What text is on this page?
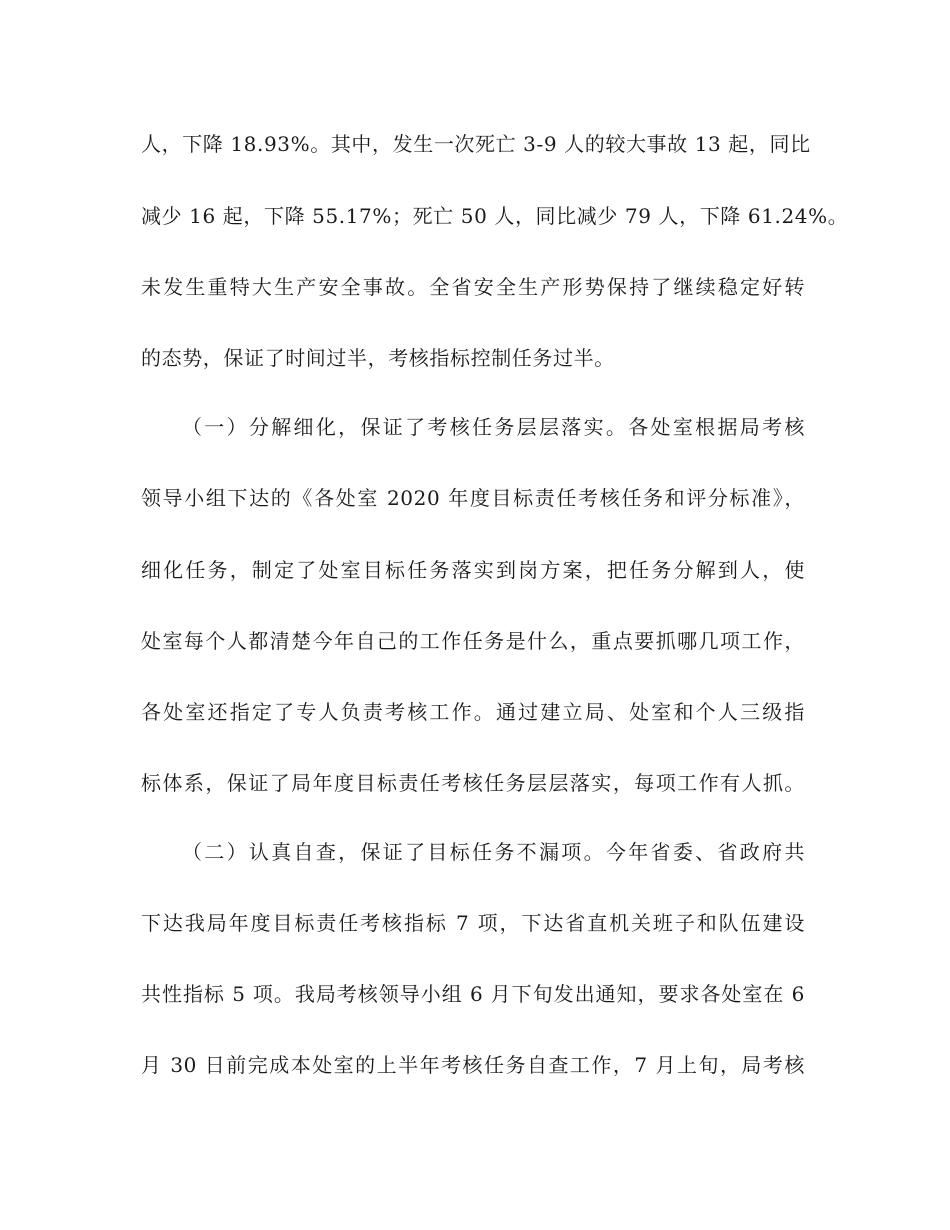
人，下降 18.93%。其中，发生一次死亡 3-9 人的较大事故 13 起，同比
减少 16 起，下降 55.17%；死亡 50 人，同比减少 79 人，下降 61.24%。
未发生重特大生产安全事故。全省安全生产形势保持了继续稳定好转
的态势，保证了时间过半，考核指标控制任务过半。
（一）分解细化，保证了考核任务层层落实。各处室根据局考核
领导小组下达的《各处室 2020 年度目标责任考核任务和评分标准》，
细化任务，制定了处室目标任务落实到岗方案，把任务分解到人，使
处室每个人都清楚今年自己的工作任务是什么，重点要抓哪几项工作，
各处室还指定了专人负责考核工作。通过建立局、处室和个人三级指
标体系，保证了局年度目标责任考核任务层层落实，每项工作有人抓。
（二）认真自查，保证了目标任务不漏项。今年省委、省政府共
下达我局年度目标责任考核指标 7 项，下达省直机关班子和队伍建设
共性指标 5 项。我局考核领导小组 6 月下旬发出通知，要求各处室在 6
月 30 日前完成本处室的上半年考核任务自查工作，7 月上旬，局考核
